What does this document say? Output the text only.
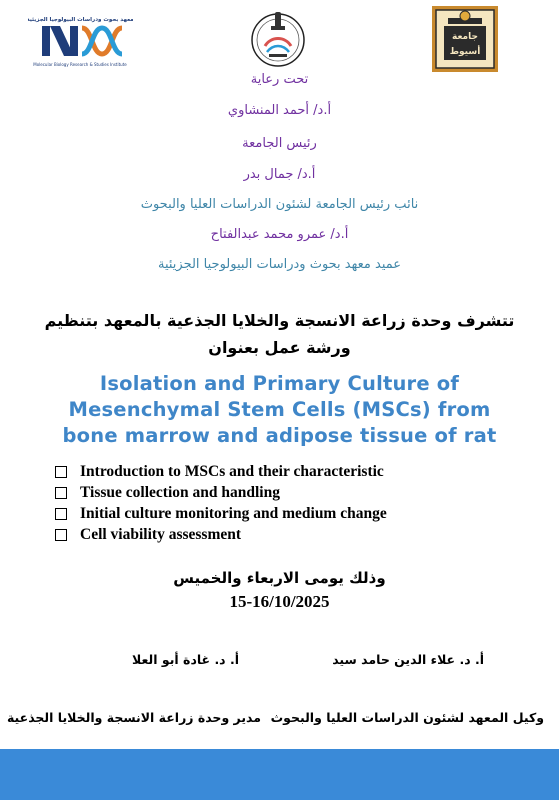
معهد بحوث ودراسات البيولوجيا الجزيئية
Molecular Biology Research & Studies Institute
جامعة
أسيوط
تحت رعاية
أ.د/ أحمد المنشاوي
رئيس الجامعة
أ.د/ جمال بدر
نائب رئيس الجامعة لشئون الدراسات العليا والبحوث
أ.د/ عمرو محمد عبدالفتاح
عميد معهد بحوث ودراسات البيولوجيا الجزيئية
تتشرف وحدة زراعة الانسجة والخلايا الجذعية بالمعهد بتنظيم
ورشة عمل بعنوان
Isolation and Primary Culture of
Mesenchymal Stem Cells (MSCs) from
bone marrow and adipose tissue of rat
Introduction to MSCs and their characteristic
Tissue collection and handling
Initial culture monitoring and medium change
Cell viability assessment
وذلك يومى الاربعاء والخميس
15-16/10/2025
أ. د. غادة أبو العلا	أ. د. علاء الدين حامد سيد
مدير وحدة زراعة الانسجة والخلايا الجذعية وكيل المعهد لشئون الدراسات العليا والبحوث
